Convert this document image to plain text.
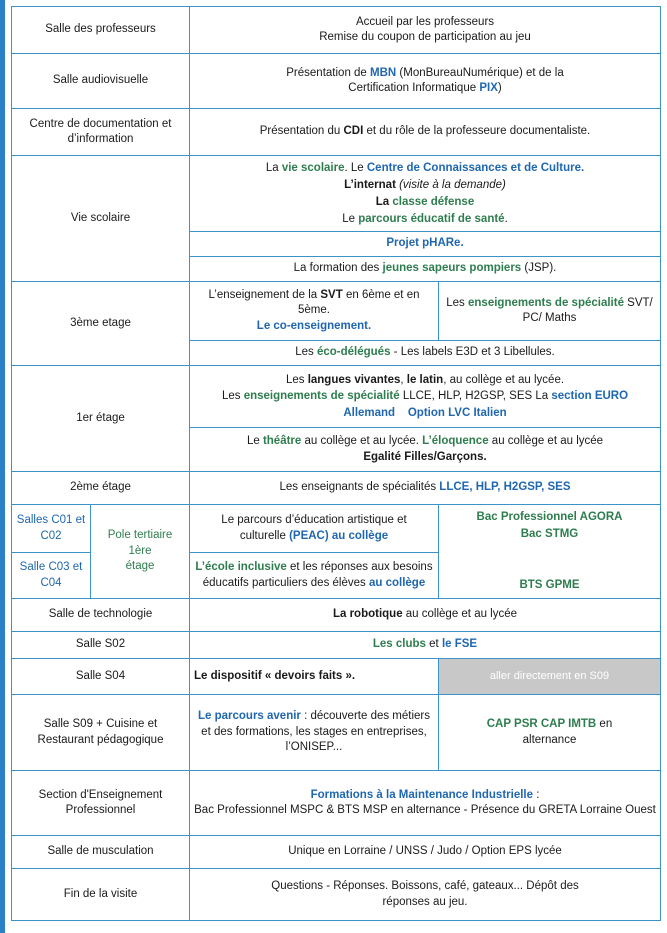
Salle des professeurs		Accueil par les professeurs
Remise du coupon de participation au jeu	
Salle audiovisuelle		Présentation de MBN (MonBureauNumérique) et de la
Certification Informatique PIX)	
Centre de documentation et
d’information		Présentation du CDI et du rôle de la professeure documentaliste.	
Vie scolaire		La vie scolaire. Le Centre de Connaissances et de Culture.
L’internat (visite à la demande)
La classe défense
Le parcours éducatif de santé.	
		Projet pHARe.	
		La formation des jeunes sapeurs pompiers (JSP).	
3ème etage		L’enseignement de la SVT en 6ème et en
5ème.
Le co-enseignement.	Les enseignements de spécialité SVT/
PC/ Maths
		Les éco-délégués - Les labels E3D et 3 Libellules.	
1er étage		Les langues vivantes, le latin, au collège et au lycée.
Les enseignements de spécialité LLCE, HLP, H2GSP, SES La section EURO
Allemand Option LVC Italien	
		Le théâtre au collège et au lycée. L’éloquence au collège et au lycée
Egalité Filles/Garçons.	
2ème étage		Les enseignants de spécialités LLCE, HLP, H2GSP, SES	
Salles C01 et
C02	Pole tertiaire 1ère
étage	Le parcours d’éducation artistique et
culturelle (PEAC) au collège	Bac Professionnel AGORA
Bac STMG

BTS GPME
Salle C03 et
C04		L’école inclusive et les réponses aux besoins
éducatifs particuliers des élèves au collège	
Salle de technologie		La robotique au collège et au lycée	
Salle S02		Les clubs et le FSE	
Salle S04		Le dispositif « devoirs faits ».	aller directement en S09
Salle S09 + Cuisine et
Restaurant pédagogique		Le parcours avenir : découverte des métiers
et des formations, les stages en entreprises,
l’ONISEP...	CAP PSR CAP IMTB en
alternance
Section d'Enseignement
Professionnel		Formations à la Maintenance Industrielle :
Bac Professionnel MSPC & BTS MSP en alternance - Présence du GRETA Lorraine Ouest	
Salle de musculation		Unique en Lorraine / UNSS / Judo / Option EPS lycée	
Fin de la visite		Questions - Réponses. Boissons, café, gateaux... Dépôt des
réponses au jeu.	
